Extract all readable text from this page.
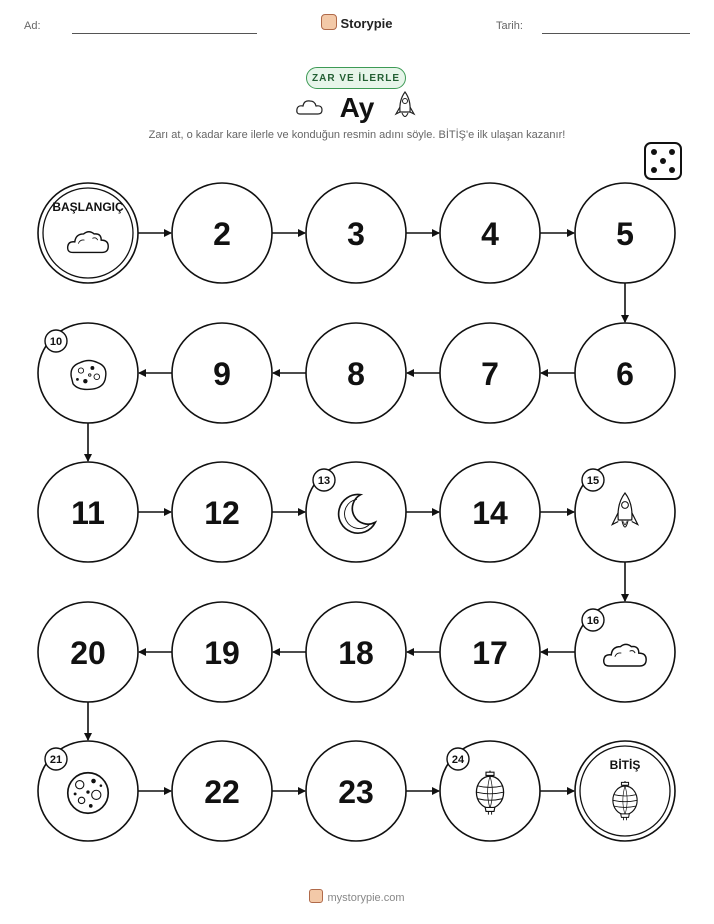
Ad:	Storypie	Tarih:
ZAR VE İLERLE
Ay
Zarı at, o kadar kare ilerle ve konduğun resmin adını söyle. BİTİŞ'e ilk ulaşan kazanır!
BAŞLANGIÇ
2	3	4	5
6
7
8
9
10
11	12
13
14
15
16
17
18
19
20
21
22	23
24	BİTİŞ
mystorypie.com
